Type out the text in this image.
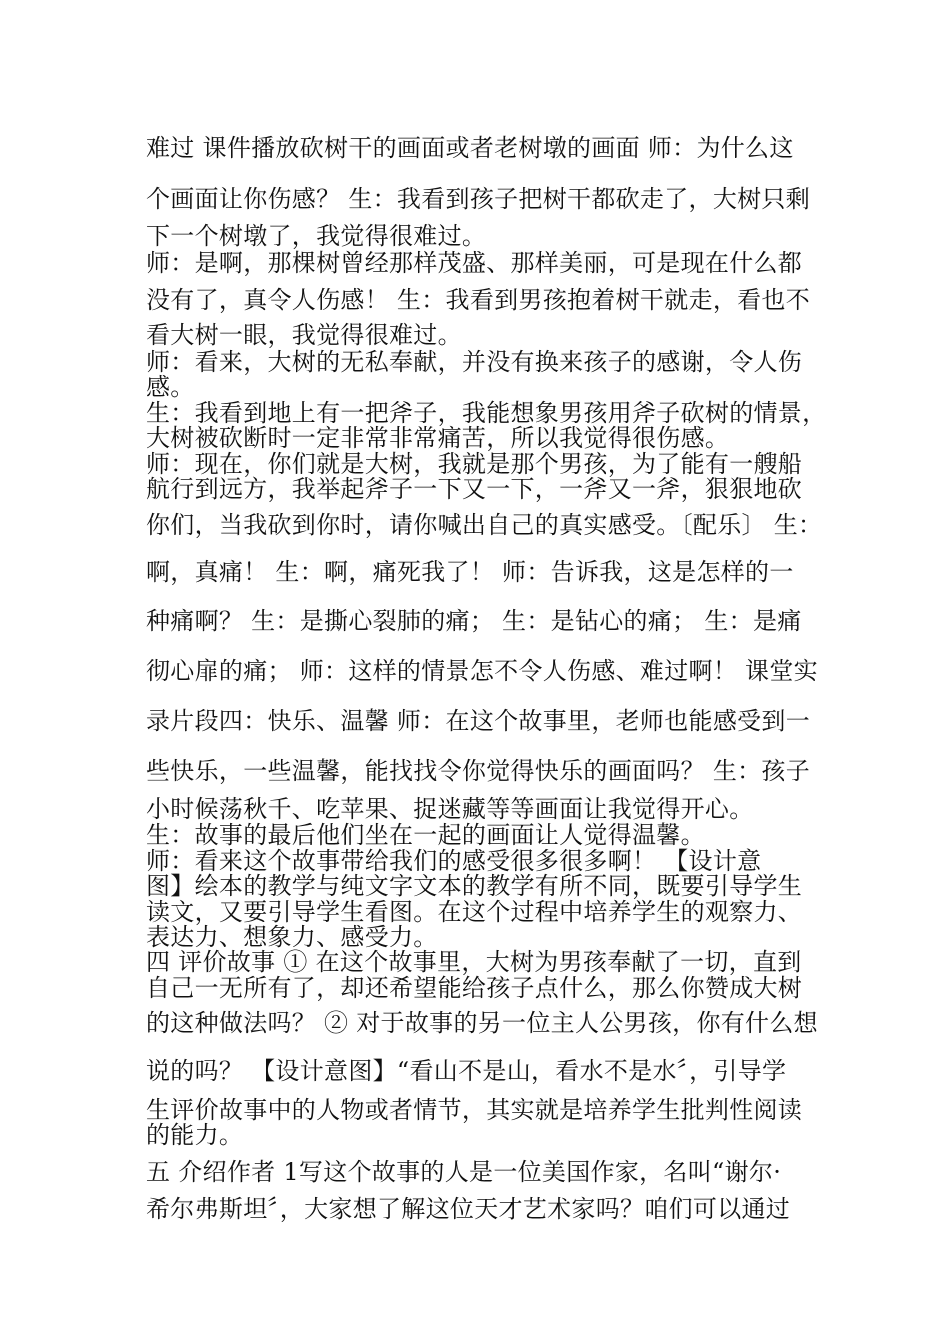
难过 课件播放砍树干的画面或者老树墩的画面 师：为什么这
个画面让你伤感？ 生：我看到孩子把树干都砍走了，大树只剩
下一个树墩了，我觉得很难过。
师：是啊，那棵树曾经那样茂盛、那样美丽，可是现在什么都
没有了，真令人伤感！ 生：我看到男孩抱着树干就走，看也不
看大树一眼，我觉得很难过。
师：看来，大树的无私奉献，并没有换来孩子的感谢，令人伤
感。
生：我看到地上有一把斧子，我能想象男孩用斧子砍树的情景，
大树被砍断时一定非常非常痛苦，所以我觉得很伤感。
师：现在，你们就是大树，我就是那个男孩，为了能有一艘船
航行到远方，我举起斧子一下又一下，一斧又一斧，狠狠地砍
你们，当我砍到你时，请你喊出自己的真实感受。〔配乐〕 生：
啊，真痛！ 生：啊，痛死我了！ 师：告诉我，这是怎样的一
种痛啊？ 生：是撕心裂肺的痛； 生：是钻心的痛； 生：是痛
彻心扉的痛； 师：这样的情景怎不令人伤感、难过啊！ 课堂实
录片段四：快乐、温馨 师：在这个故事里，老师也能感受到一
些快乐，一些温馨，能找找令你觉得快乐的画面吗？ 生：孩子
小时候荡秋千、吃苹果、捉迷藏等等画面让我觉得开心。
生：故事的最后他们坐在一起的画面让人觉得温馨。
师：看来这个故事带给我们的感受很多很多啊！ 【设计意
图】绘本的教学与纯文字文本的教学有所不同，既要引导学生
读文，又要引导学生看图。在这个过程中培养学生的观察力、
表达力、想象力、感受力。
四 评价故事 ① 在这个故事里，大树为男孩奉献了一切，直到
自己一无所有了，却还希望能给孩子点什么，那么你赞成大树
的这种做法吗？ ② 对于故事的另一位主人公男孩，你有什么想
说的吗？ 【设计意图】“看山不是山，看水不是水〞，引导学
生评价故事中的人物或者情节，其实就是培养学生批判性阅读
的能力。
五 介绍作者 1写这个故事的人是一位美国作家，名叫“谢尔·
希尔弗斯坦〞，大家想了解这位天才艺术家吗？咱们可以通过
